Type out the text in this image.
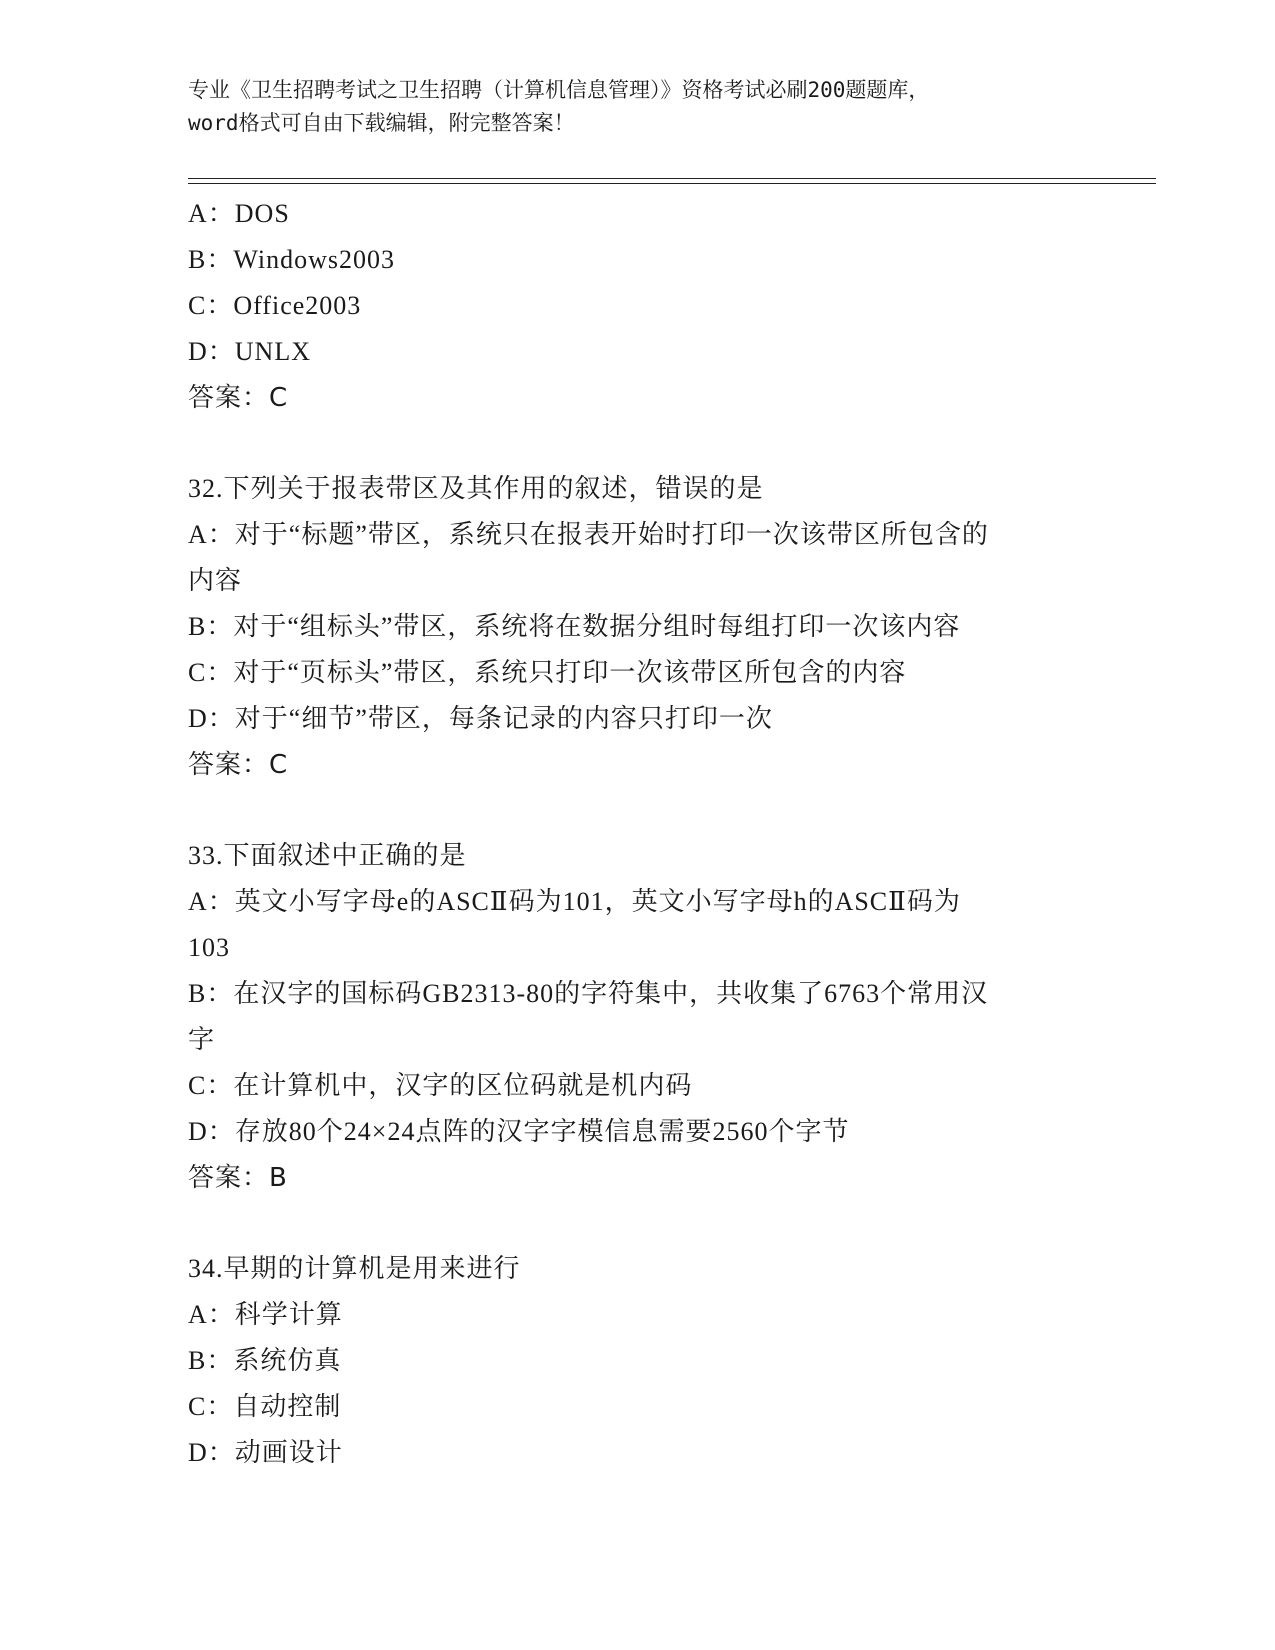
专业《卫生招聘考试之卫生招聘（计算机信息管理）》资格考试必刷200题题库，
word格式可自由下载编辑，附完整答案！
A：DOS
B：Windows2003
C：Office2003
D：UNLX
答案：C
32.下列关于报表带区及其作用的叙述，错误的是
A：对于“标题”带区，系统只在报表开始时打印一次该带区所包含的
内容
B：对于“组标头”带区，系统将在数据分组时每组打印一次该内容
C：对于“页标头”带区，系统只打印一次该带区所包含的内容
D：对于“细节”带区，每条记录的内容只打印一次
答案：C
33.下面叙述中正确的是
A：英文小写字母e的ASCⅡ码为101，英文小写字母h的ASCⅡ码为
103
B：在汉字的国标码GB2313-80的字符集中，共收集了6763个常用汉
字
C：在计算机中，汉字的区位码就是机内码
D：存放80个24×24点阵的汉字字模信息需要2560个字节
答案：B
34.早期的计算机是用来进行
A：科学计算
B：系统仿真
C：自动控制
D：动画设计
